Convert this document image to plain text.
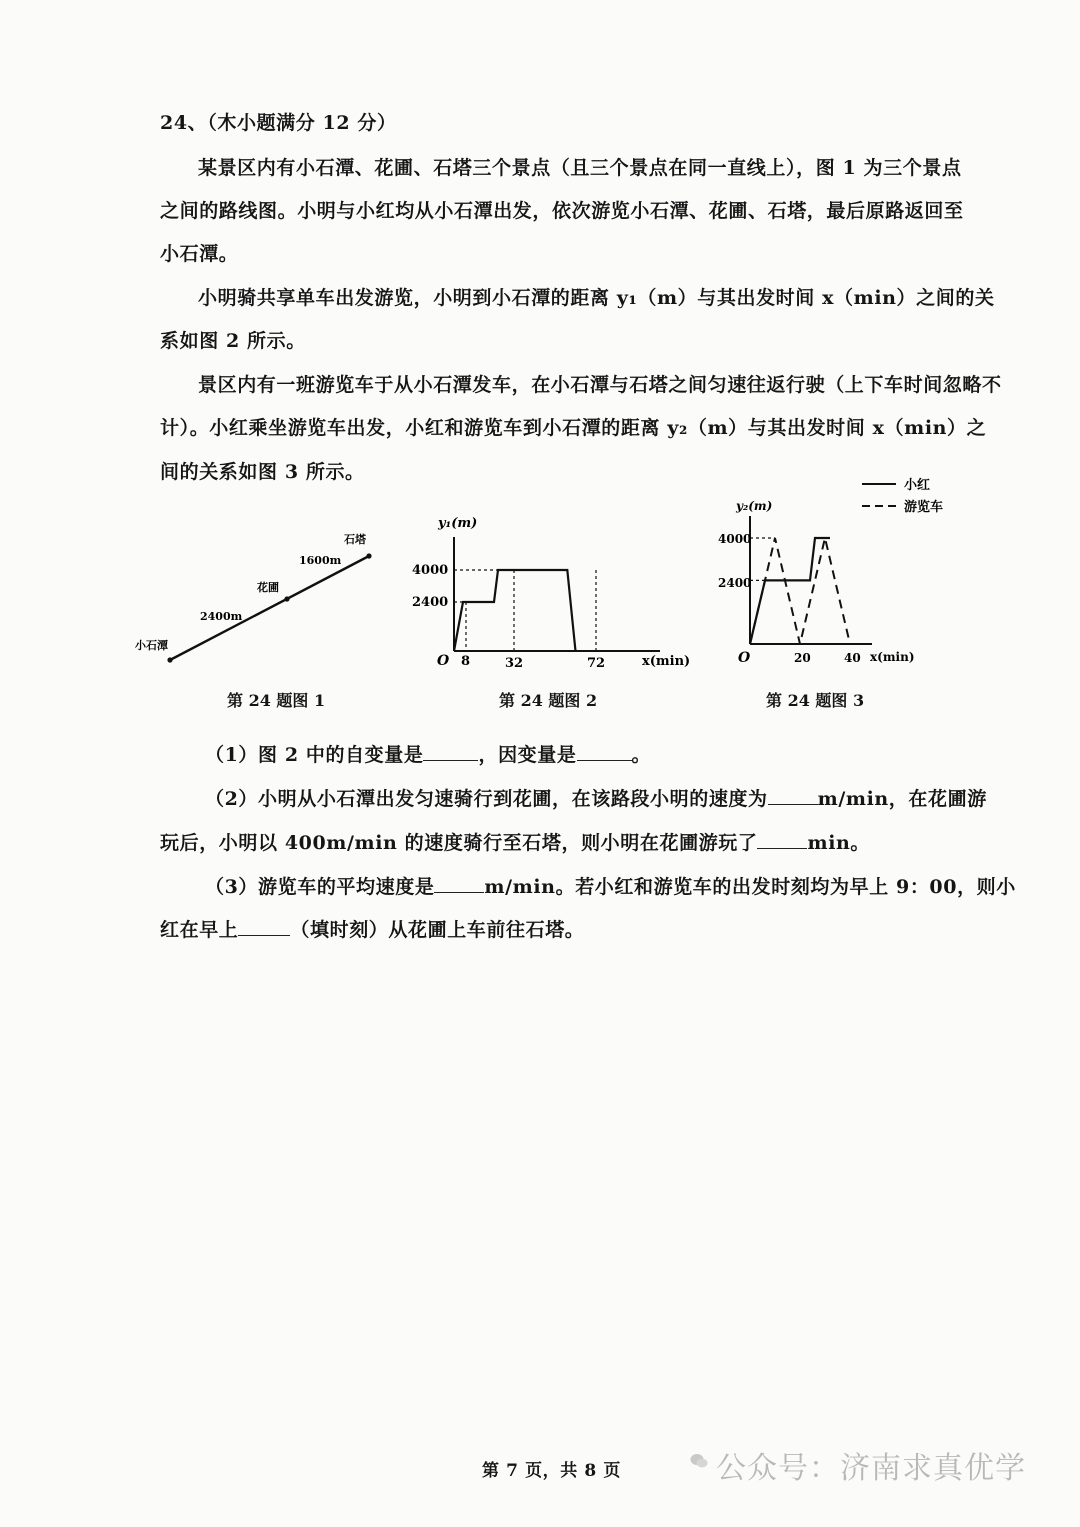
24、（木小题满分 12 分）
某景区内有小石潭、花圃、石塔三个景点（且三个景点在同一直线上），图 1 为三个景点
之间的路线图。小明与小红均从小石潭出发，依次游览小石潭、花圃、石塔，最后原路返回至
小石潭。
小明骑共享单车出发游览，小明到小石潭的距离 y₁（m）与其出发时间 x（min）之间的关
系如图 2 所示。
景区内有一班游览车于从小石潭发车，在小石潭与石塔之间匀速往返行驶（上下车时间忽略不
计）。小红乘坐游览车出发，小红和游览车到小石潭的距离 y₂（m）与其出发时间 x（min）之
间的关系如图 3 所示。
小石潭
花圃
石塔
2400m
1600m
第 24 题图 1
y₁(m)
x(min)
O
4000
2400
8	32	72
第 24 题图 2
y₂(m)
x(min)
O
4000
2400
20	40
小红
游览车
第 24 题图 3
（1）图 2 中的自变量是	，因变量是	。
（2）小明从小石潭出发匀速骑行到花圃，在该路段小明的速度为	m/min，在花圃游
玩后，小明以 400m/min 的速度骑行至石塔，则小明在花圃游玩了	min。
（3）游览车的平均速度是	m/min。若小红和游览车的出发时刻均为早上 9：00，则小
红在早上	（填时刻）从花圃上车前往石塔。
第 7 页，共 8 页	公众号：济南求真优学
